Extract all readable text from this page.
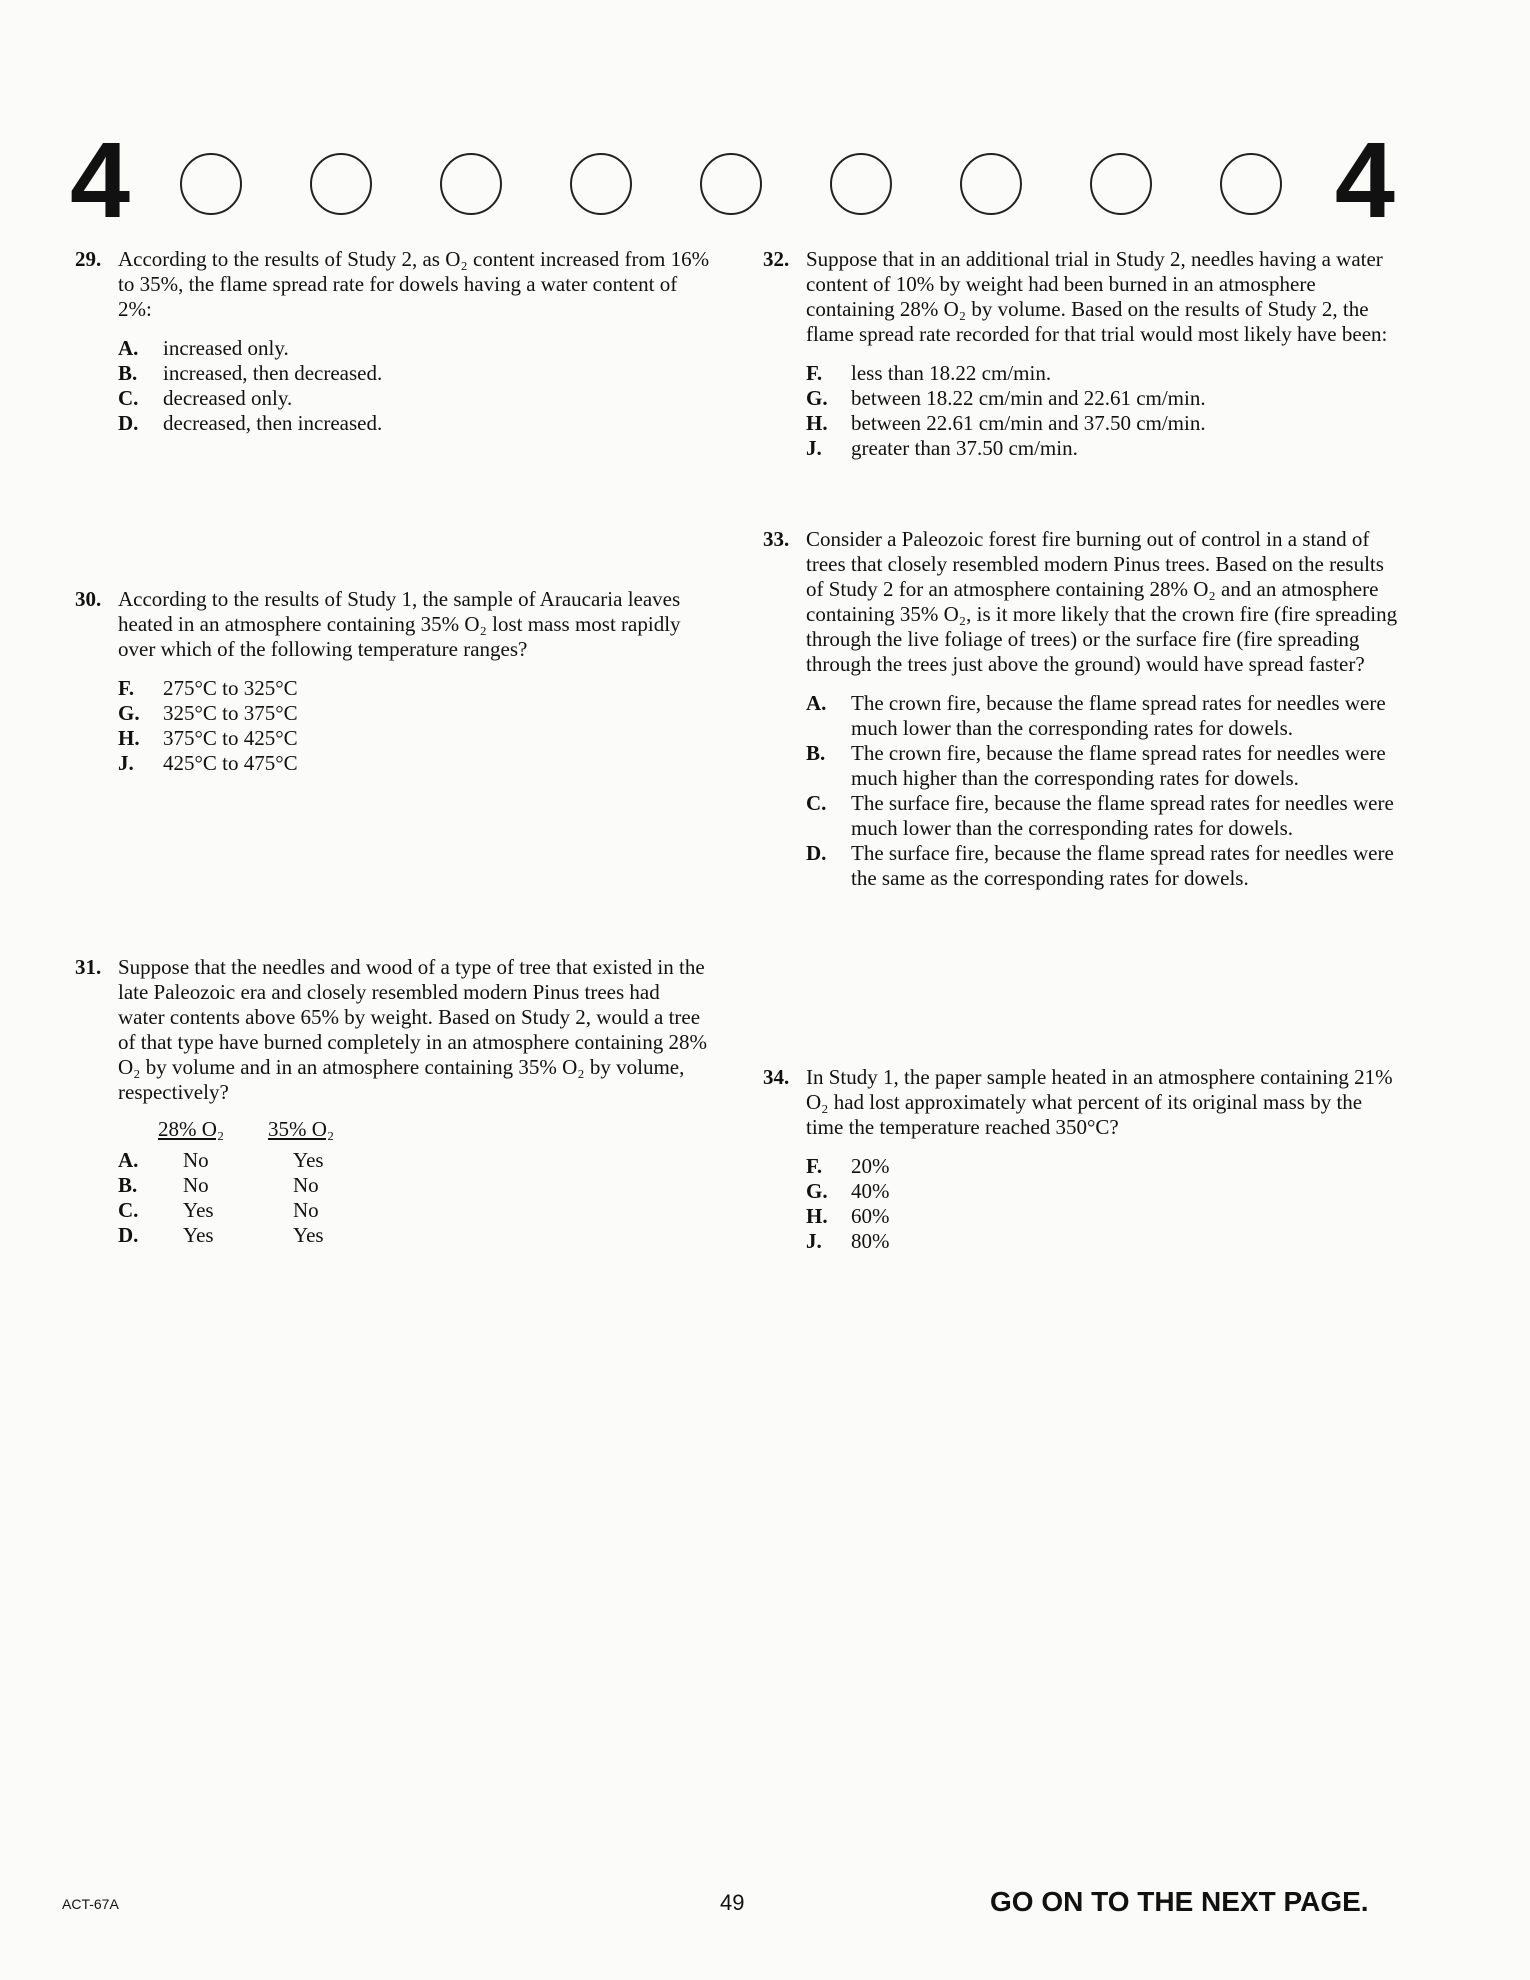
4	4
29. According to the results of Study 2, as O₂ content increased from 16% to 35%, the flame spread rate for dowels having a water content of 2%:
A.	increased only.
B.	increased, then decreased.
C.	decreased only.
D.	decreased, then increased.
30. According to the results of Study 1, the sample of Araucaria leaves heated in an atmosphere containing 35% O₂ lost mass most rapidly over which of the following temperature ranges?
F.	275°C to 325°C
G.	325°C to 375°C
H.	375°C to 425°C
J.	425°C to 475°C
31. Suppose that the needles and wood of a type of tree that existed in the late Paleozoic era and closely resembled modern Pinus trees had water contents above 65% by weight. Based on Study 2, would a tree of that type have burned completely in an atmosphere containing 28% O₂ by volume and in an atmosphere containing 35% O₂ by volume, respectively?
28% O₂	35% O₂
A.	No	Yes
B.	No	No
C.	Yes	No
D.	Yes	Yes
32. Suppose that in an additional trial in Study 2, needles having a water content of 10% by weight had been burned in an atmosphere containing 28% O₂ by volume. Based on the results of Study 2, the flame spread rate recorded for that trial would most likely have been:
F.	less than 18.22 cm/min.
G.	between 18.22 cm/min and 22.61 cm/min.
H.	between 22.61 cm/min and 37.50 cm/min.
J.	greater than 37.50 cm/min.
33. Consider a Paleozoic forest fire burning out of control in a stand of trees that closely resembled modern Pinus trees. Based on the results of Study 2 for an atmosphere containing 28% O₂ and an atmosphere containing 35% O₂, is it more likely that the crown fire (fire spreading through the live foliage of trees) or the surface fire (fire spreading through the trees just above the ground) would have spread faster?
A.	The crown fire, because the flame spread rates for needles were much lower than the corresponding rates for dowels.
B.	The crown fire, because the flame spread rates for needles were much higher than the corresponding rates for dowels.
C.	The surface fire, because the flame spread rates for needles were much lower than the corresponding rates for dowels.
D.	The surface fire, because the flame spread rates for needles were the same as the corresponding rates for dowels.
34. In Study 1, the paper sample heated in an atmosphere containing 21% O₂ had lost approximately what percent of its original mass by the time the temperature reached 350°C?
F.	20%
G.	40%
H.	60%
J.	80%
ACT-67A	49	GO ON TO THE NEXT PAGE.
